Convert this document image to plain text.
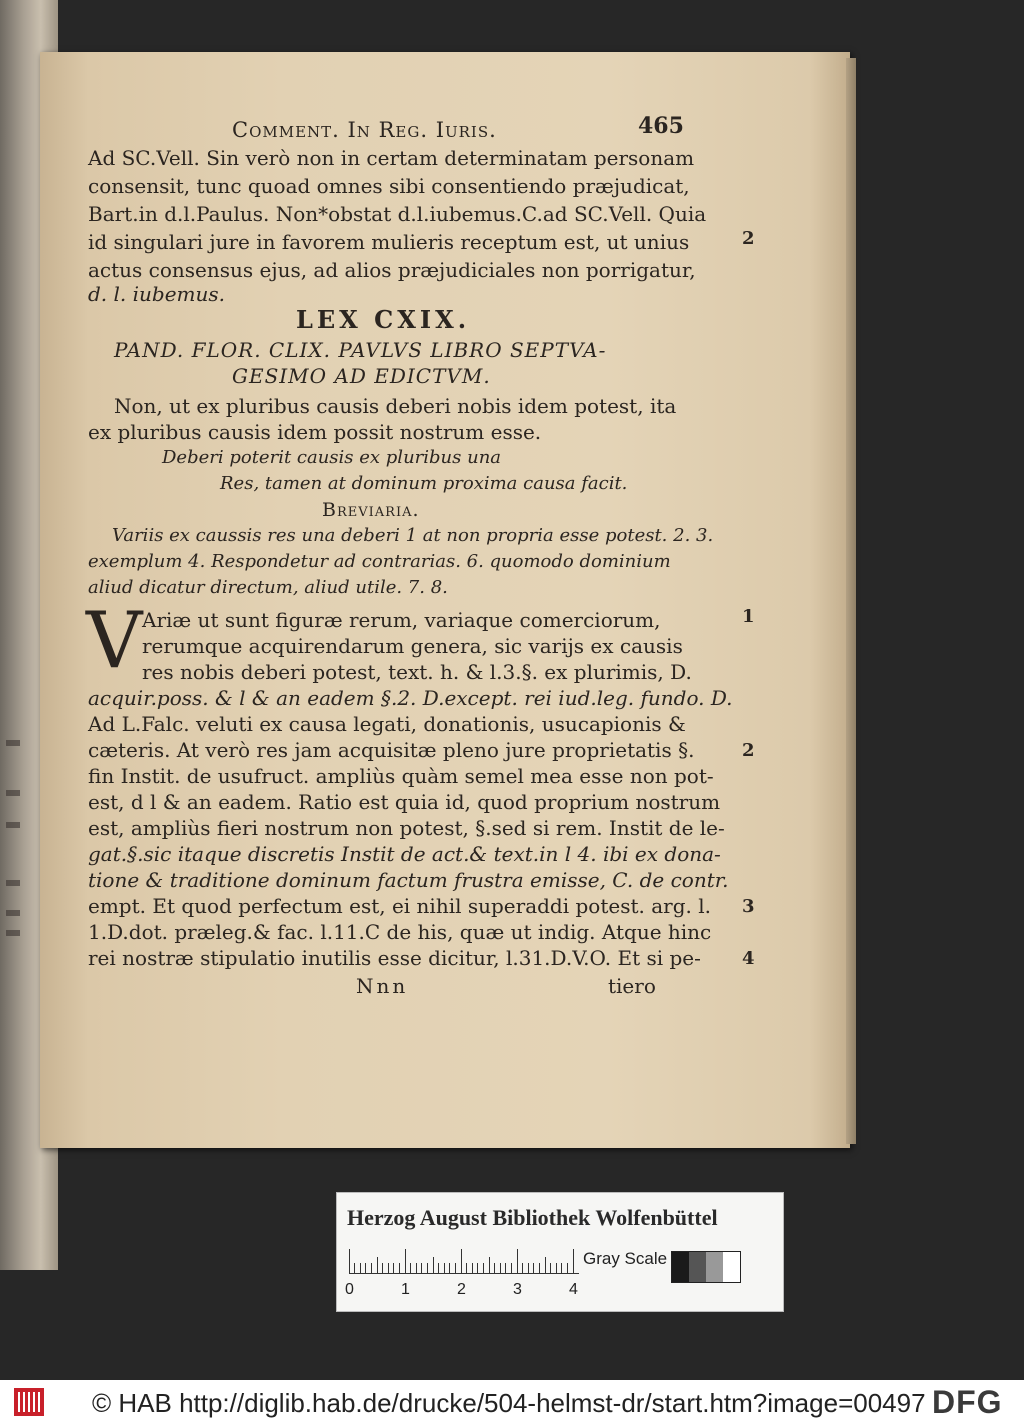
Comment. In Reg. Iuris.	465
Ad SC.Vell. Sin verò non in certam determinatam personam
consensit, tunc quoad omnes sibi consentiendo præjudicat,
Bart.in d.l.Paulus. Non*obstat d.l.iubemus.C.ad SC.Vell. Quia
id singulari jure in favorem mulieris receptum est, ut unius
actus consensus ejus, ad alios præjudiciales non porrigatur,
d. l. iubemus.
LEX CXIX.
PAND. FLOR. CLIX. PAVLVS LIBRO SEPTVA-
GESIMO AD EDICTVM.
Non, ut ex pluribus causis deberi nobis idem potest, ita
ex pluribus causis idem possit nostrum esse.
Deberi poterit causis ex pluribus una
Res, tamen at dominum proxima causa facit.
Breviaria.
Variis ex caussis res una deberi 1 at non propria esse potest. 2. 3.
exemplum 4. Respondetur ad contrarias. 6. quomodo dominium
aliud dicatur directum, aliud utile. 7. 8.
V Ariæ ut sunt figuræ rerum, variaque comerciorum,
rerumque acquirendarum genera, sic varijs ex causis
res nobis deberi potest, text. h. & l.3.§. ex plurimis, D.
acquir.poss. & l & an eadem §.2. D.except. rei iud.leg. fundo. D.
Ad L.Falc. veluti ex causa legati, donationis, usucapionis &
cæteris. At verò res jam acquisitæ pleno jure proprietatis §.
fin Instit. de usufruct. ampliùs quàm semel mea esse non pot-
est, d l & an eadem. Ratio est quia id, quod proprium nostrum
est, ampliùs fieri nostrum non potest, §.sed si rem. Instit de le-
gat.§.sic itaque discretis Instit de act.& text.in l 4. ibi ex dona-
tione & traditione dominum factum frustra emisse, C. de contr.
empt. Et quod perfectum est, ei nihil superaddi potest. arg. l.
1.D.dot. præleg.& fac. l.11.C de his, quæ ut indig. Atque hinc
rei nostræ stipulatio inutilis esse dicitur, l.31.D.V.O. Et si pe-
Nnn	tiero
2
1
2
3
4
Herzog August Bibliothek Wolfenbüttel
0	1	2	3	4
Gray Scale
© HAB http://diglib.hab.de/drucke/504-helmst-dr/start.htm?image=00497 DFG
